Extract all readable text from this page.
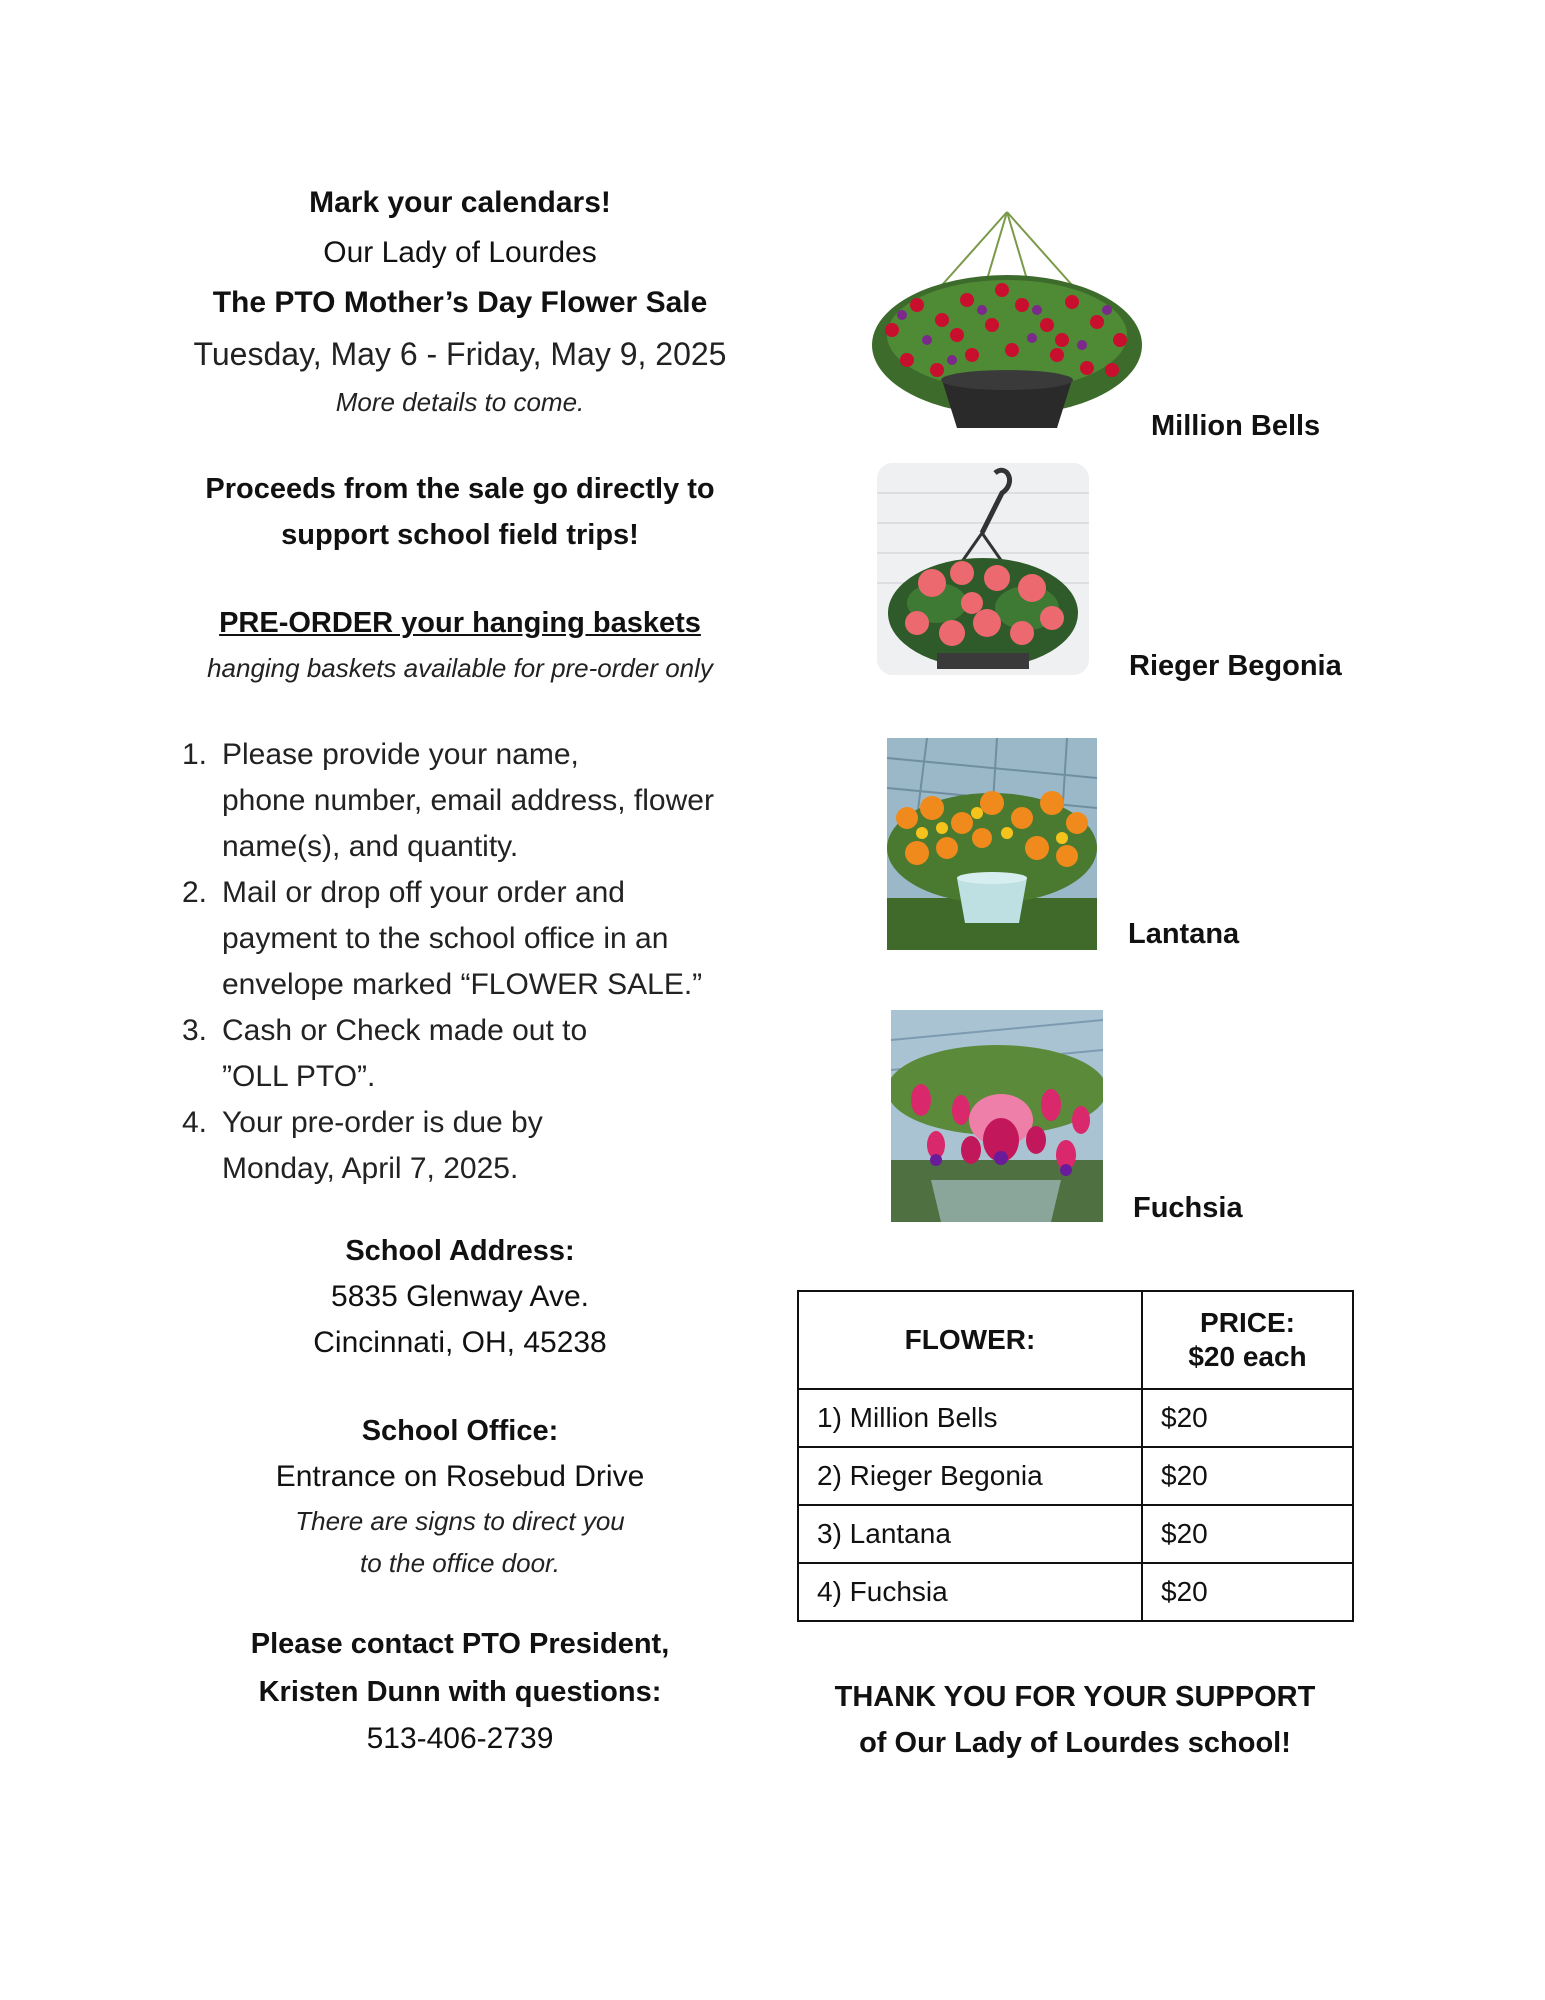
Mark your calendars!
Our Lady of Lourdes
The PTO Mother’s Day Flower Sale
Tuesday, May 6 - Friday, May 9, 2025
More details to come.
Proceeds from the sale go directly to
support school field trips!
PRE-ORDER your hanging baskets
hanging baskets available for pre-order only
1. Please provide your name,
phone number, email address, flower
name(s), and quantity.
2. Mail or drop off your order and
payment to the school office in an
envelope marked “FLOWER SALE.”
3. Cash or Check made out to
”OLL PTO”.
4. Your pre-order is due by
Monday, April 7, 2025.
School Address:
5835 Glenway Ave.
Cincinnati, OH, 45238
School Office:
Entrance on Rosebud Drive
There are signs to direct you
to the office door.
Please contact PTO President,
Kristen Dunn with questions:
513-406-2739
Million Bells
Rieger Begonia
Lantana
Fuchsia
FLOWER:	PRICE:
$20 each

1) Million Bells	$20
2) Rieger Begonia	$20
3) Lantana	$20
4) Fuchsia	$20
THANK YOU FOR YOUR SUPPORT
of Our Lady of Lourdes school!
